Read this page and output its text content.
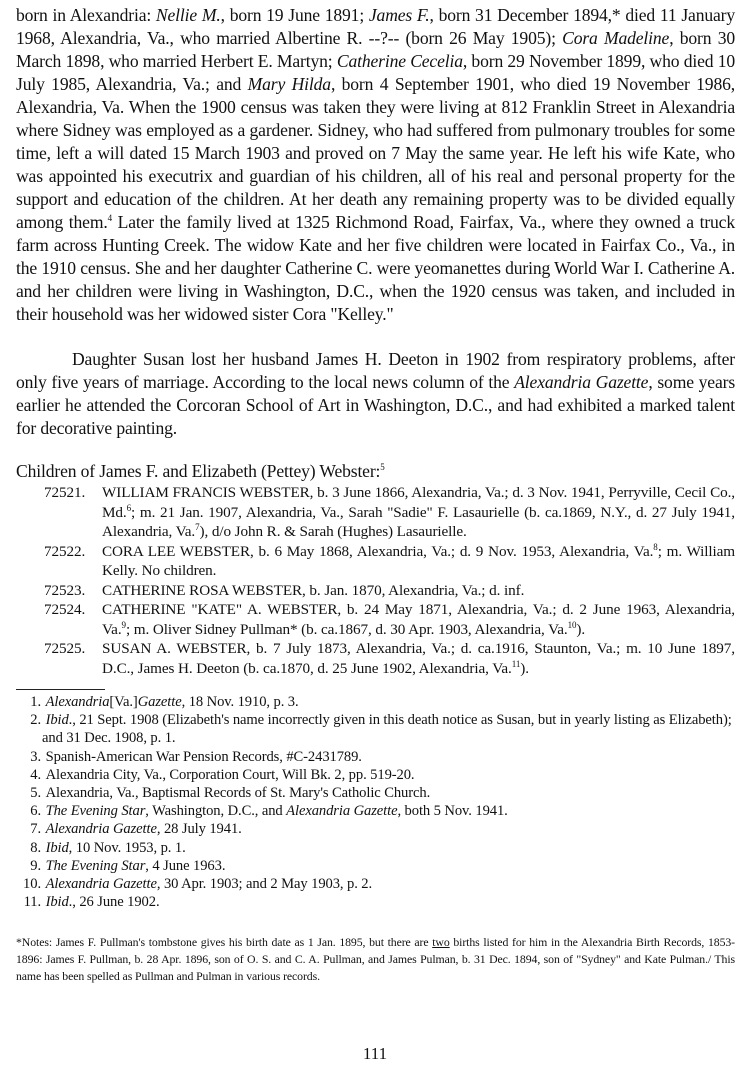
born in Alexandria: Nellie M., born 19 June 1891; James F., born 31 December 1894,* died 11 January 1968, Alexandria, Va., who married Albertine R. --?-- (born 26 May 1905); Cora Madeline, born 30 March 1898, who married Herbert E. Martyn; Catherine Cecelia, born 29 November 1899, who died 10 July 1985, Alexandria, Va.; and Mary Hilda, born 4 September 1901, who died 19 November 1986, Alexandria, Va. When the 1900 census was taken they were living at 812 Franklin Street in Alexandria where Sidney was employed as a gardener. Sidney, who had suffered from pulmonary troubles for some time, left a will dated 15 March 1903 and proved on 7 May the same year. He left his wife Kate, who was appointed his executrix and guardian of his children, all of his real and personal property for the support and education of the children. At her death any remaining property was to be divided equally among them.$^4$ Later the family lived at 1325 Richmond Road, Fairfax, Va., where they owned a truck farm across Hunting Creek. The widow Kate and her five children were located in Fairfax Co., Va., in the 1910 census. She and her daughter Catherine C. were yeomanettes during World War I. Catherine A. and her children were living in Washington, D.C., when the 1920 census was taken, and included in their household was her widowed sister Cora "Kelley."

Daughter Susan lost her husband James H. Deeton in 1902 from respiratory problems, after only five years of marriage. According to the local news column of the Alexandria Gazette, some years earlier he attended the Corcoran School of Art in Washington, D.C., and had exhibited a marked talent for decorative painting.

Children of James F. and Elizabeth (Pettey) Webster:$^5$

72521.	WILLIAM FRANCIS WEBSTER, b. 3 June 1866, Alexandria, Va.; d. 3 Nov. 1941, Perryville, Cecil Co., Md.$^6$; m. 21 Jan. 1907, Alexandria, Va., Sarah "Sadie" F. Lasaurielle (b. ca.1869, N.Y., d. 27 July 1941, Alexandria, Va.$^7$), d/o John R. & Sarah (Hughes) Lasaurielle.
72522.	CORA LEE WEBSTER, b. 6 May 1868, Alexandria, Va.; d. 9 Nov. 1953, Alexandria, Va.$^8$; m. William Kelly. No children.
72523.	CATHERINE ROSA WEBSTER, b. Jan. 1870, Alexandria, Va.; d. inf.
72524.	CATHERINE "KATE" A. WEBSTER, b. 24 May 1871, Alexandria, Va.; d. 2 June 1963, Alexandria, Va.$^9$; m. Oliver Sidney Pullman* (b. ca.1867, d. 30 Apr. 1903, Alexandria, Va.$^{10}$).
72525.	SUSAN A. WEBSTER, b. 7 July 1873, Alexandria, Va.; d. ca.1916, Staunton, Va.; m. 10 June 1897, D.C., James H. Deeton (b. ca.1870, d. 25 June 1902, Alexandria, Va.$^{11}$).
1. Alexandria[Va.]Gazette, 18 Nov. 1910, p. 3.
2. Ibid., 21 Sept. 1908 (Elizabeth's name incorrectly given in this death notice as Susan, but in yearly listing as Elizabeth); and 31 Dec. 1908, p. 1.
3. Spanish-American War Pension Records, #C-2431789.
4. Alexandria City, Va., Corporation Court, Will Bk. 2, pp. 519-20.
5. Alexandria, Va., Baptismal Records of St. Mary's Catholic Church.
6. The Evening Star, Washington, D.C., and Alexandria Gazette, both 5 Nov. 1941.
7. Alexandria Gazette, 28 July 1941.
8. Ibid, 10 Nov. 1953, p. 1.
9. The Evening Star, 4 June 1963.
10. Alexandria Gazette, 30 Apr. 1903; and 2 May 1903, p. 2.
11. Ibid., 26 June 1902.

*Notes: James F. Pullman's tombstone gives his birth date as 1 Jan. 1895, but there are two births listed for him in the Alexandria Birth Records, 1853-1896: James F. Pullman, b. 28 Apr. 1896, son of O. S. and C. A. Pullman, and James Pulman, b. 31 Dec. 1894, son of "Sydney" and Kate Pulman./ This name has been spelled as Pullman and Pulman in various records.

111
